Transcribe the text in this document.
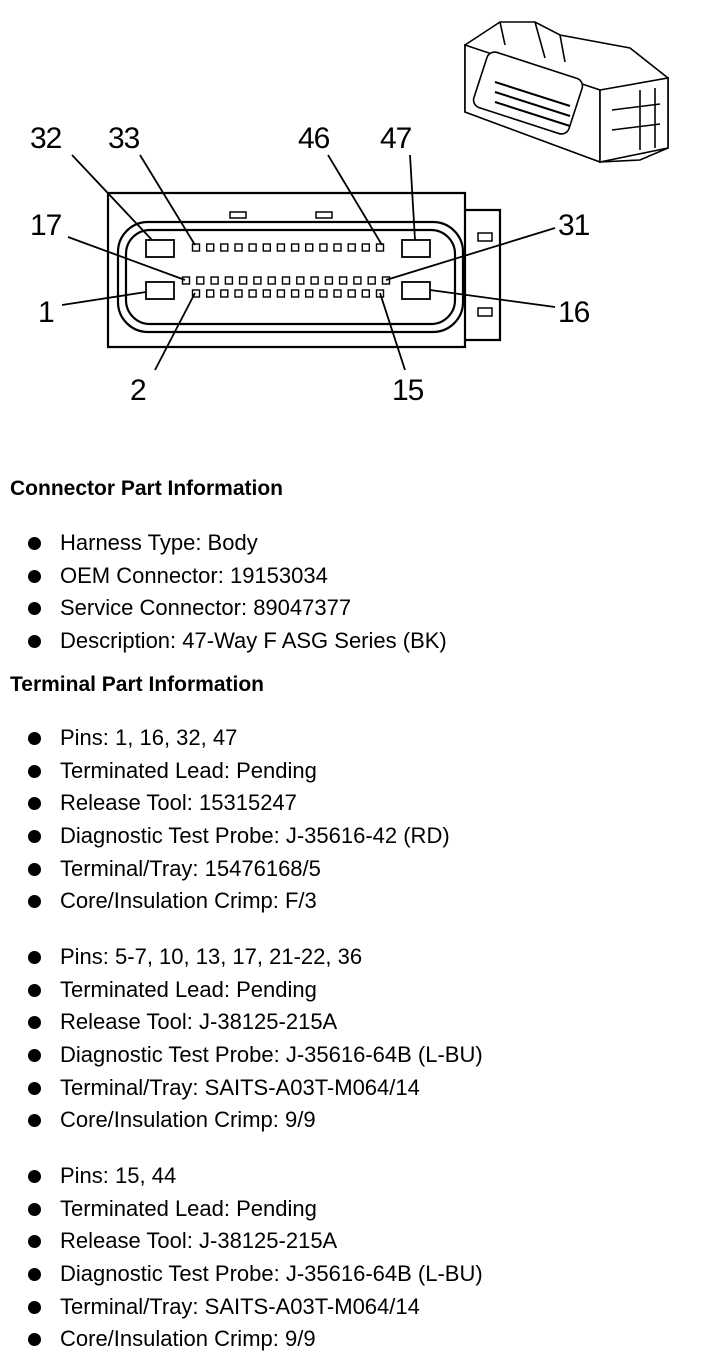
32 33	46 47
17	31
1	16
2	15
Connector Part Information
Harness Type: Body
OEM Connector: 19153034
Service Connector: 89047377
Description: 47-Way F ASG Series (BK)
Terminal Part Information
Pins: 1, 16, 32, 47
Terminated Lead: Pending
Release Tool: 15315247
Diagnostic Test Probe: J-35616-42 (RD)
Terminal/Tray: 15476168/5
Core/Insulation Crimp: F/3
Pins: 5-7, 10, 13, 17, 21-22, 36
Terminated Lead: Pending
Release Tool: J-38125-215A
Diagnostic Test Probe: J-35616-64B (L-BU)
Terminal/Tray: SAITS-A03T-M064/14
Core/Insulation Crimp: 9/9
Pins: 15, 44
Terminated Lead: Pending
Release Tool: J-38125-215A
Diagnostic Test Probe: J-35616-64B (L-BU)
Terminal/Tray: SAITS-A03T-M064/14
Core/Insulation Crimp: 9/9
